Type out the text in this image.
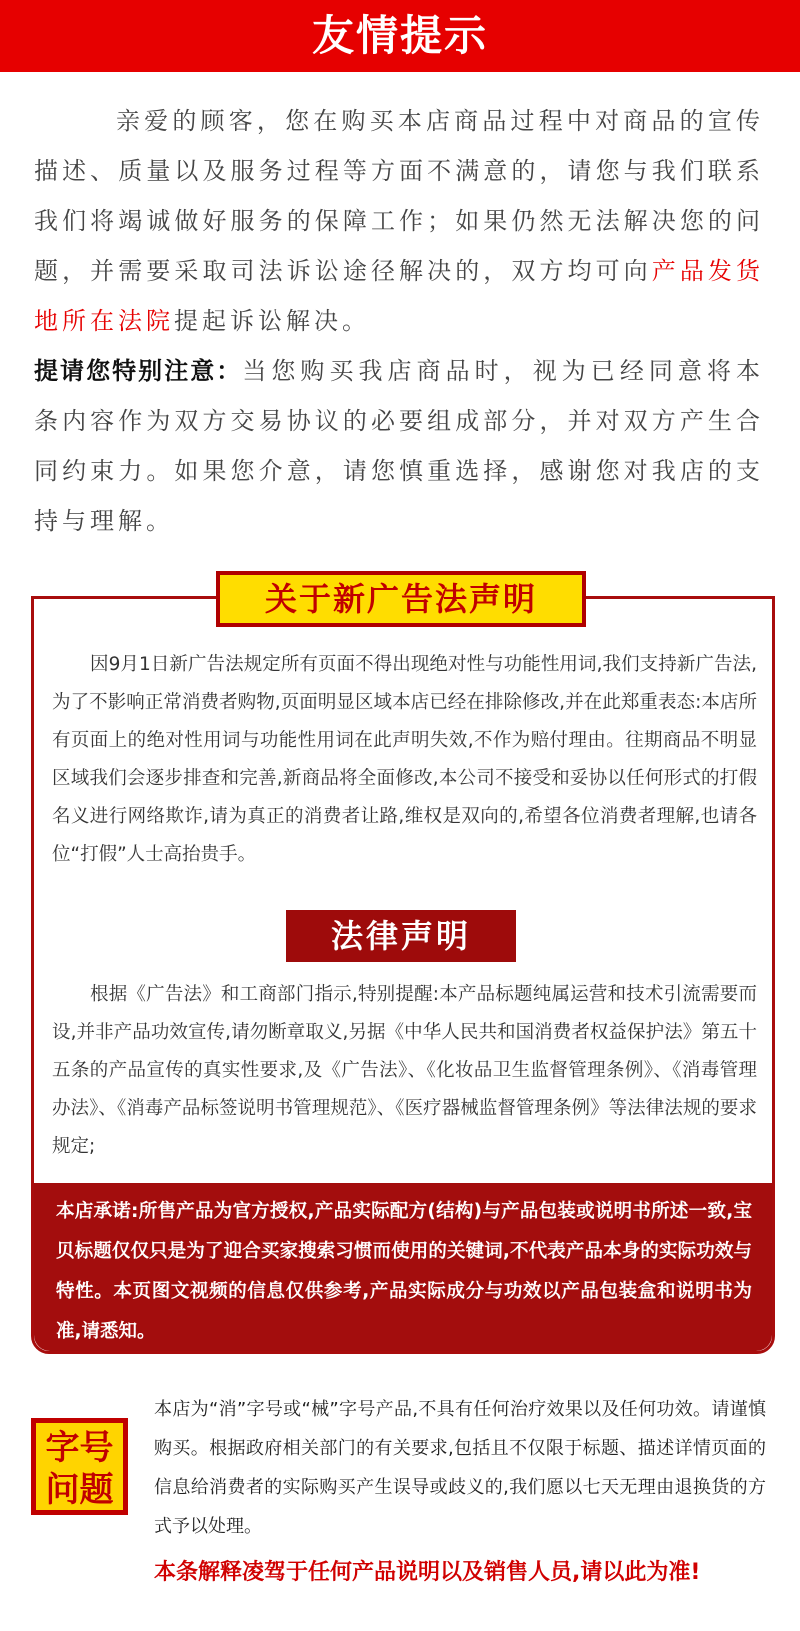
友情提示

亲爱的顾客，您在购买本店商品过程中对商品的宣传描述、质量以及服务过程等方面不满意的，请您与我们联系我们将竭诚做好服务的保障工作；如果仍然无法解决您的问题，并需要采取司法诉讼途径解决的，双方均可向产品发货地所在法院提起诉讼解决。

提请您特别注意：当您购买我店商品时，视为已经同意将本条内容作为双方交易协议的必要组成部分，并对双方产生合同约束力。如果您介意，请您慎重选择，感谢您对我店的支持与理解。

关于新广告法声明

因9月1日新广告法规定所有页面不得出现绝对性与功能性用词,我们支持新广告法,为了不影响正常消费者购物,页面明显区域本店已经在排除修改,并在此郑重表态:本店所有页面上的绝对性用词与功能性用词在此声明失效,不作为赔付理由。往期商品不明显区域我们会逐步排查和完善,新商品将全面修改,本公司不接受和妥协以任何形式的打假名义进行网络欺诈,请为真正的消费者让路,维权是双向的,希望各位消费者理解,也请各位“打假”人士高抬贵手。

法律声明

根据《广告法》和工商部门指示,特别提醒:本产品标题纯属运营和技术引流需要而设,并非产品功效宣传,请勿断章取义,另据《中华人民共和国消费者权益保护法》第五十五条的产品宣传的真实性要求,及《广告法》、《化妆品卫生监督管理条例》、《消毒管理办法》、《消毒产品标签说明书管理规范》、《医疗器械监督管理条例》等法律法规的要求规定;

本店承诺:所售产品为官方授权,产品实际配方(结构)与产品包装或说明书所述一致,宝贝标题仅仅只是为了迎合买家搜索习惯而使用的关键词,不代表产品本身的实际功效与特性。本页图文视频的信息仅供参考,产品实际成分与功效以产品包装盒和说明书为准,请悉知。
字号
问题
本店为“消”字号或“械”字号产品,不具有任何治疗效果以及任何功效。请谨慎购买。根据政府相关部门的有关要求,包括且不仅限于标题、描述详情页面的信息给消费者的实际购买产生误导或歧义的,我们愿以七天无理由退换货的方式予以处理。
本条解释凌驾于任何产品说明以及销售人员,请以此为准!
